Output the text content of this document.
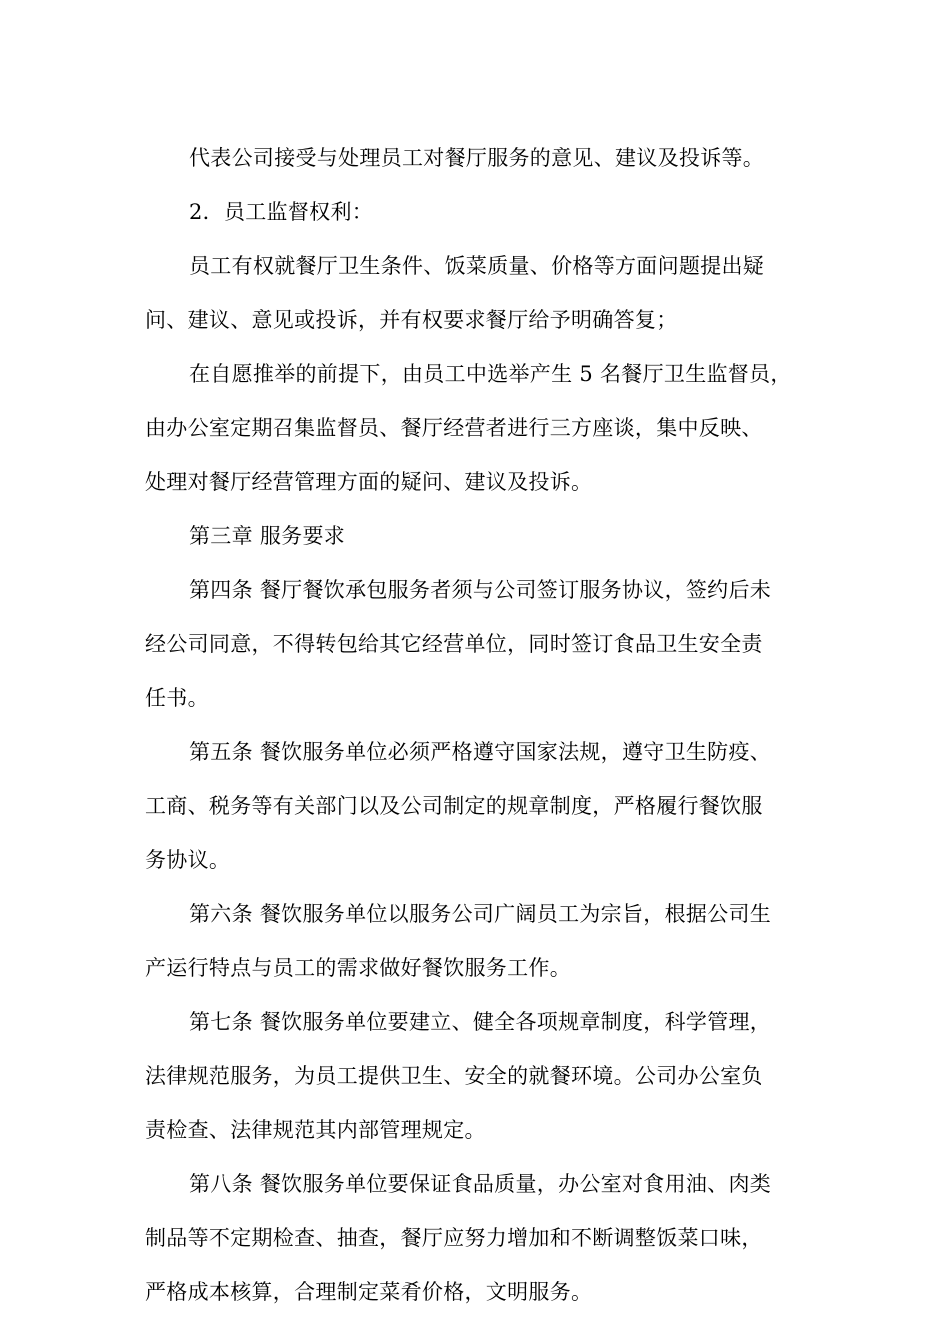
代表公司接受与处理员工对餐厅服务的意见、建议及投诉等。
2．员工监督权利：
员工有权就餐厅卫生条件、饭菜质量、价格等方面问题提出疑
问、建议、意见或投诉，并有权要求餐厅给予明确答复；
在自愿推举的前提下，由员工中选举产生 5 名餐厅卫生监督员，
由办公室定期召集监督员、餐厅经营者进行三方座谈，集中反映、
处理对餐厅经营管理方面的疑问、建议及投诉。
第三章 服务要求
第四条 餐厅餐饮承包服务者须与公司签订服务协议，签约后未
经公司同意，不得转包给其它经营单位，同时签订食品卫生安全责
任书。
第五条 餐饮服务单位必须严格遵守国家法规，遵守卫生防疫、
工商、税务等有关部门以及公司制定的规章制度，严格履行餐饮服
务协议。
第六条 餐饮服务单位以服务公司广阔员工为宗旨，根据公司生
产运行特点与员工的需求做好餐饮服务工作。
第七条 餐饮服务单位要建立、健全各项规章制度，科学管理，
法律规范服务，为员工提供卫生、安全的就餐环境。公司办公室负
责检查、法律规范其内部管理规定。
第八条 餐饮服务单位要保证食品质量，办公室对食用油、肉类
制品等不定期检查、抽查，餐厅应努力增加和不断调整饭菜口味，
严格成本核算，合理制定菜肴价格，文明服务。
